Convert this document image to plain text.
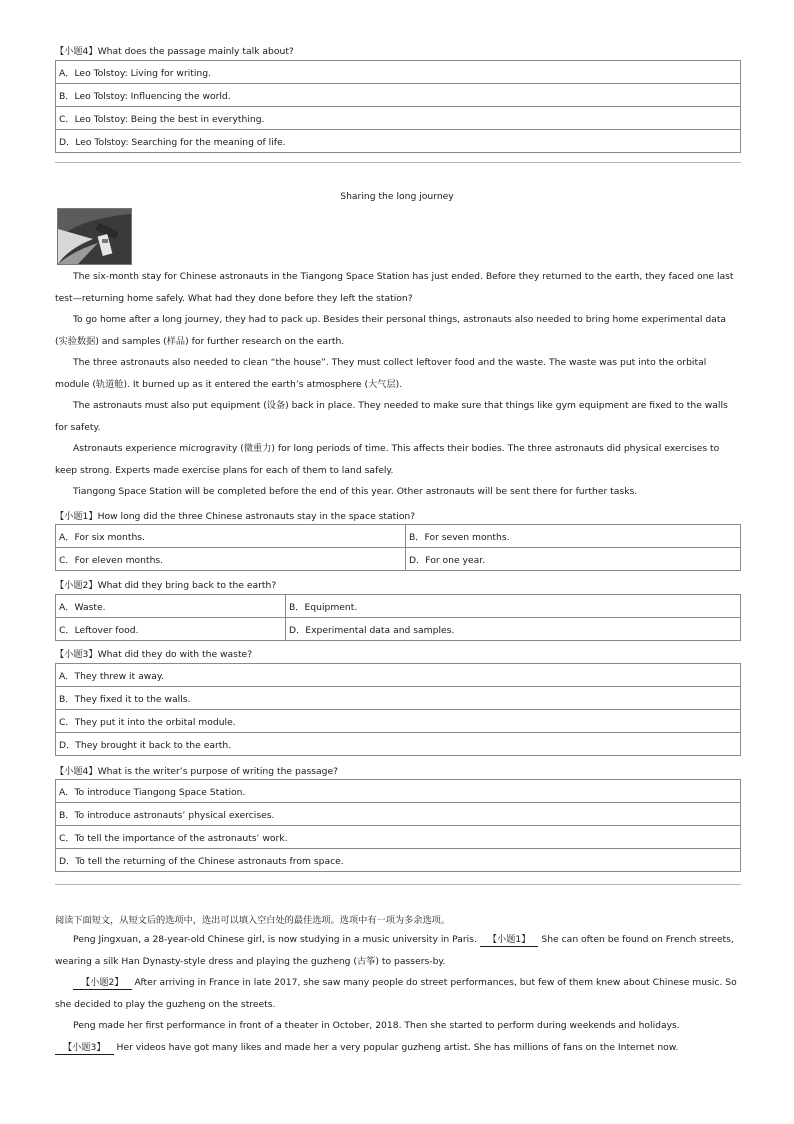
【小题4】What does the passage mainly talk about?
A．Leo Tolstoy: Living for writing.
B．Leo Tolstoy: Influencing the world.
C．Leo Tolstoy: Being the best in everything.
D．Leo Tolstoy: Searching for the meaning of life.
Sharing the long journey
The six-month stay for Chinese astronauts in the Tiangong Space Station has just ended. Before they returned to the earth, they faced one last test—returning home safely. What had they done before they left the station?
To go home after a long journey, they had to pack up. Besides their personal things, astronauts also needed to bring home experimental data (实验数据) and samples (样品) for further research on the earth.
The three astronauts also needed to clean “the house”. They must collect leftover food and the waste. The waste was put into the orbital module (轨道舱). It burned up as it entered the earth’s atmosphere (大气层).
The astronauts must also put equipment (设备) back in place. They needed to make sure that things like gym equipment are fixed to the walls for safety.
Astronauts experience microgravity (微重力) for long periods of time. This affects their bodies. The three astronauts did physical exercises to keep strong. Experts made exercise plans for each of them to land safely.
Tiangong Space Station will be completed before the end of this year. Other astronauts will be sent there for further tasks.
【小题1】How long did the three Chinese astronauts stay in the space station?
A．For six months.	B．For seven months.
C．For eleven months.	D．For one year.
【小题2】What did they bring back to the earth?
A．Waste.	B．Equipment.
C．Leftover food.	D．Experimental data and samples.
【小题3】What did they do with the waste?
A．They threw it away.
B．They fixed it to the walls.
C．They put it into the orbital module.
D．They brought it back to the earth.
【小题4】What is the writer’s purpose of writing the passage?
A．To introduce Tiangong Space Station.
B．To introduce astronauts’ physical exercises.
C．To tell the importance of the astronauts’ work.
D．To tell the returning of the Chinese astronauts from space.
阅读下面短文，从短文后的选项中，选出可以填入空白处的最佳选项。选项中有一项为多余选项。
Peng Jingxuan, a 28-year-old Chinese girl, is now studying in a music university in Paris. 【小题1】 She can often be found on French streets, wearing a silk Han Dynasty-style dress and playing the guzheng (古筝) to passers-by.
【小题2】 After arriving in France in late 2017, she saw many people do street performances, but few of them knew about Chinese music. So she decided to play the guzheng on the streets.
Peng made her first performance in front of a theater in October, 2018. Then she started to perform during weekends and holidays. 【小题3】 Her videos have got many likes and made her a very popular guzheng artist. She has millions of fans on the Internet now.
